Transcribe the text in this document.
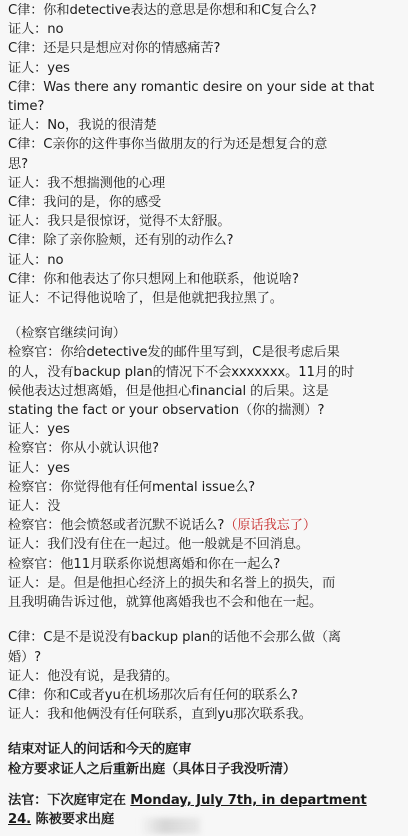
C律：你和detective表达的意思是你想和和C复合么?
证人：no
C律：还是只是想应对你的情感痛苦?
证人：yes
C律：Was there any romantic desire on your side at that
time?
证人：No，我说的很清楚
C律：C亲你的这件事你当做朋友的行为还是想复合的意
思?
证人：我不想揣测他的心理
C律：我问的是，你的感受
证人：我只是很惊讶，觉得不太舒服。
C律：除了亲你脸颊，还有别的动作么?
证人：no
C律：你和他表达了你只想网上和他联系，他说啥?
证人：不记得他说啥了，但是他就把我拉黑了。
（检察官继续问询）
检察官：你给detective发的邮件里写到，C是很考虑后果
的人，没有backup plan的情况下不会xxxxxxx。11月的时
候他表达过想离婚，但是他担心financial 的后果。这是
stating the fact or your observation（你的揣测）?
证人：yes
检察官：你从小就认识他?
证人：yes
检察官：你觉得他有任何mental issue么?
证人：没
检察官：他会愤怒或者沉默不说话么?（原话我忘了）
证人：我们没有住在一起过。他一般就是不回消息。
检察官：他11月联系你说想离婚和你在一起么?
证人：是。但是他担心经济上的损失和名誉上的损失，而
且我明确告诉过他，就算他离婚我也不会和他在一起。
C律：C是不是说没有backup plan的话他不会那么做（离
婚）?
证人：他没有说，是我猜的。
C律：你和C或者yu在机场那次后有任何的联系么?
证人：我和他俩没有任何联系，直到yu那次联系我。
结束对证人的问话和今天的庭审
检方要求证人之后重新出庭（具体日子我没听清）
法官：下次庭审定在 Monday, July 7th, in department
24. 陈被要求出庭
